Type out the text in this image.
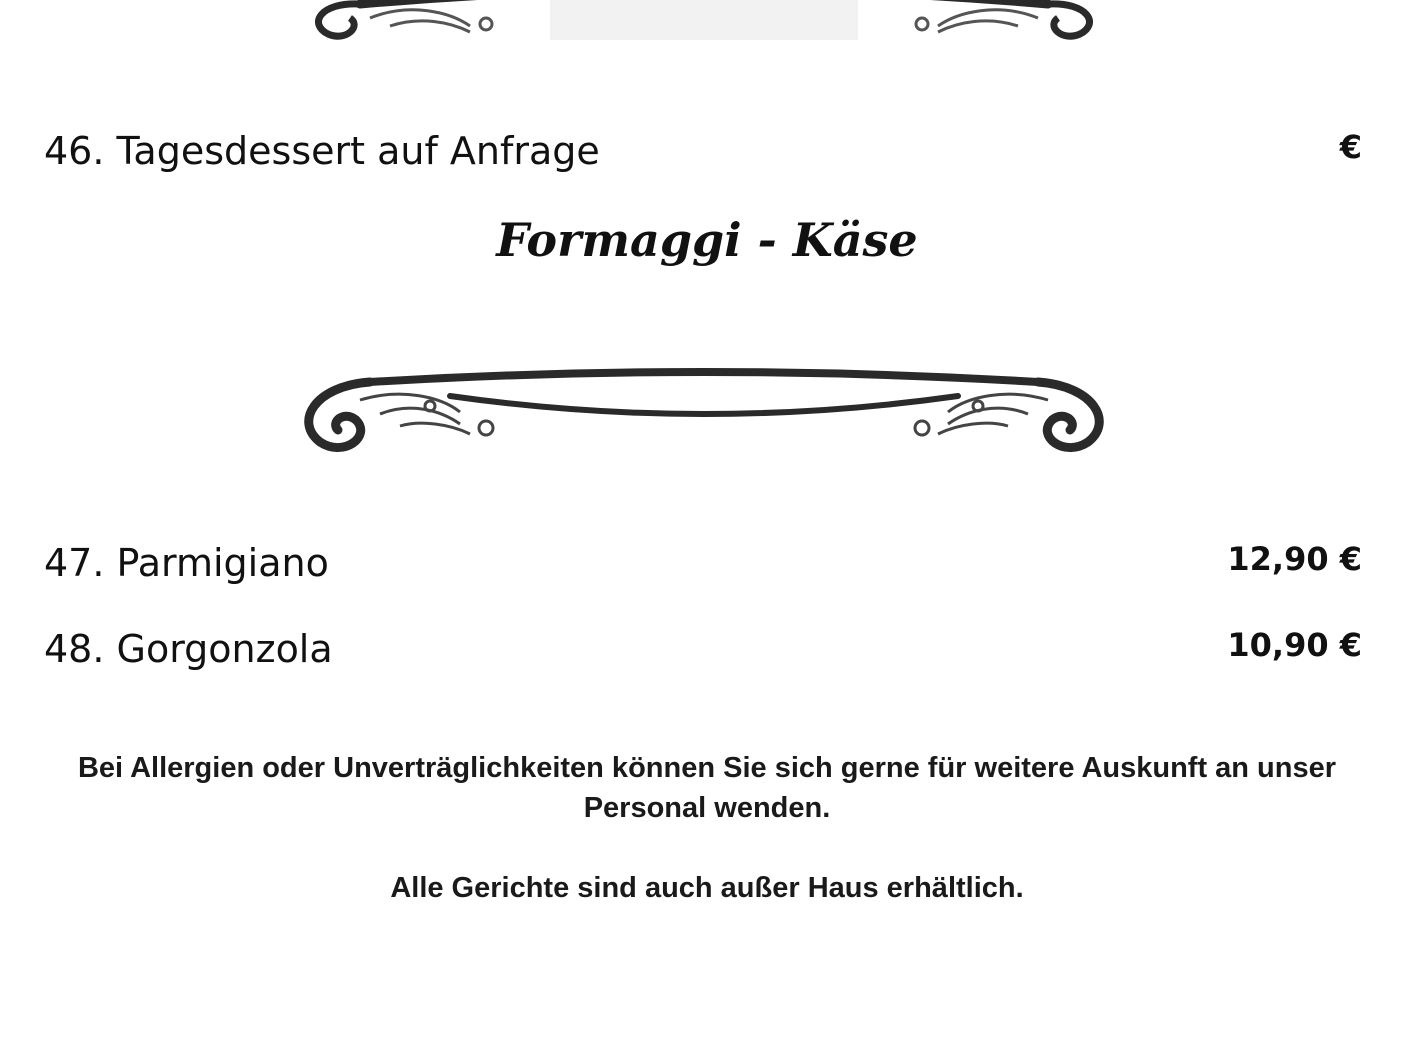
46. Tagesdessert auf Anfrage	€
Formaggi - Käse
47. Parmigiano	12,90 €
48. Gorgonzola	10,90 €
Bei Allergien oder Unverträglichkeiten können Sie sich gerne für weitere Auskunft an unser Personal wenden.
Alle Gerichte sind auch außer Haus erhältlich.
